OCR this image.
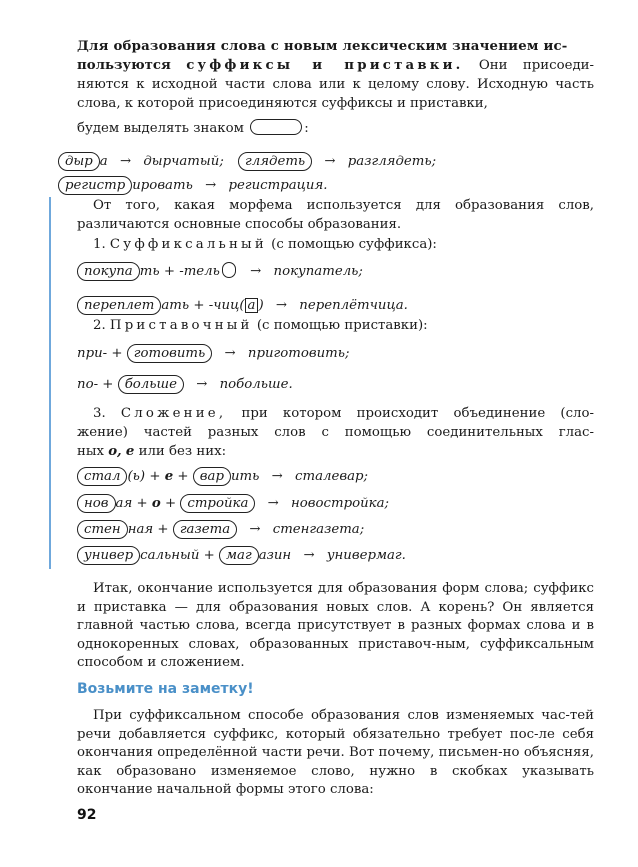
Для образования слова с новым лексическим значением ис-
пользуются суффиксы и приставки. Они присоеди-

няются к исходной части слова или к целому слову. Исходную часть слова, к которой присоединяются суффиксы и приставки,

будем выделять знаком	:
дыр а → дырчатый; глядеть → разглядеть;
регистр ировать → регистрация.

От того, какая морфема используется для образования слов, различаются основные способы образования.

1. Суффиксальный (с помощью суффикса):
покупа ть + -тель → покупатель;
переплет ать + -чиц( а ) → переплётчица.
2. Приставочный (с помощью приставки):
при- + готовить → приготовить;
по- + больше → побольше.
3. Сложение, при котором происходит объединение (сло-

жение) частей разных слов с помощью соединительных глас-

ных о, е или без них:
стал (ь) + е + вар ить → сталевар;
нов ая + о + стройка → новостройка;
стен ная + газета → стенгазета;
универ сальный + маг азин → универмаг.

Итак, окончание используется для образования форм слова; суффикс и приставка — для образования новых слов. А корень? Он является главной частью слова, всегда присутствует в разных формах слова и в однокоренных словах, образованных приставоч-ным, суффиксальным способом и сложением.

Возьмите на заметку!

При суффиксальном способе образования слов изменяемых час-тей речи добавляется суффикс, который обязательно требует пос-ле себя окончания определённой части речи. Вот почему, письмен-но объясняя, как образовано изменяемое слово, нужно в скобках указывать окончание начальной формы этого слова:

92
